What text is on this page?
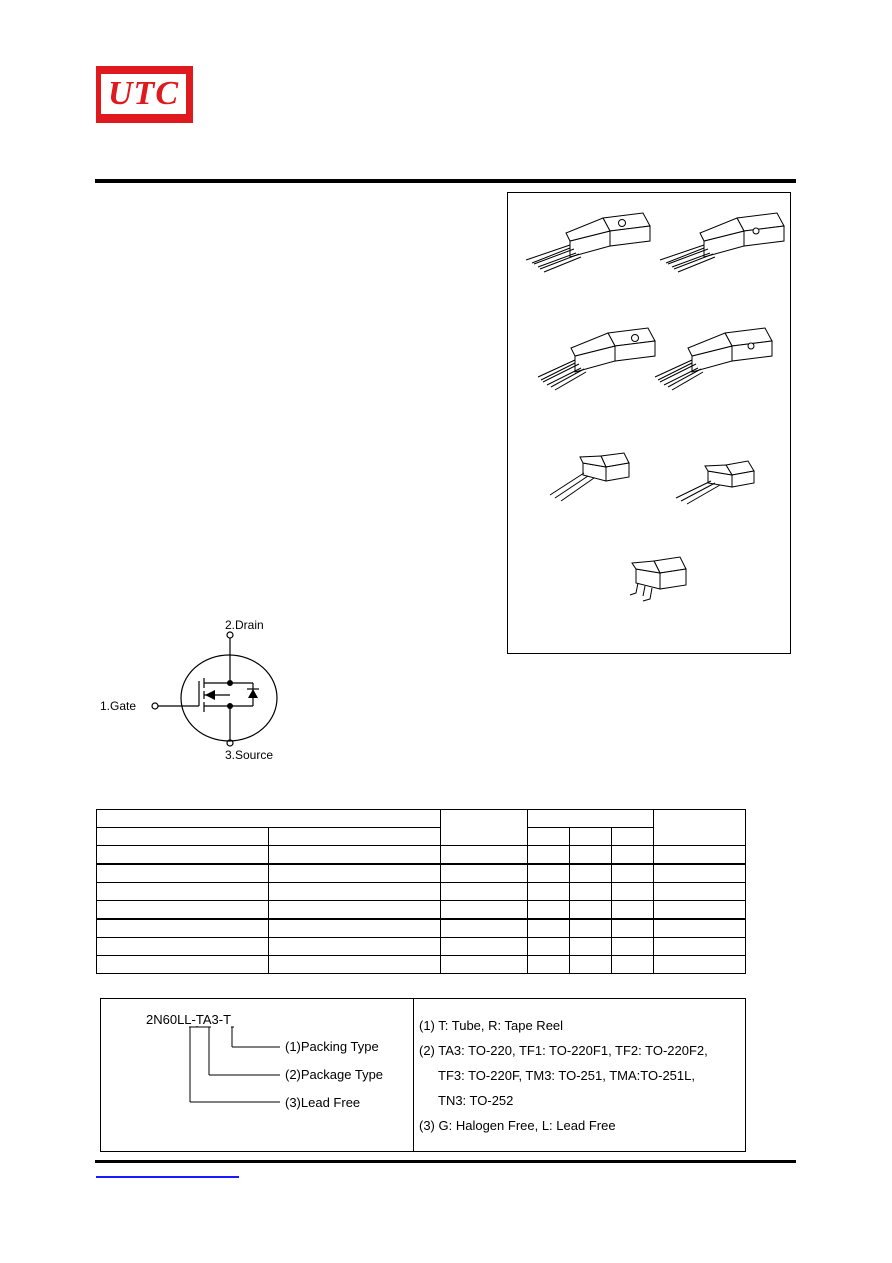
UTC
2.Drain
1.Gate
3.Source

2N60LL-TA3-T
(1)Packing Type
(2)Package Type
(3)Lead Free
(1) T: Tube, R: Tape Reel
(2) TA3: TO-220, TF1: TO-220F1, TF2: TO-220F2,
TF3: TO-220F, TM3: TO-251, TMA:TO-251L,
TN3: TO-252
(3) G: Halogen Free, L: Lead Free
